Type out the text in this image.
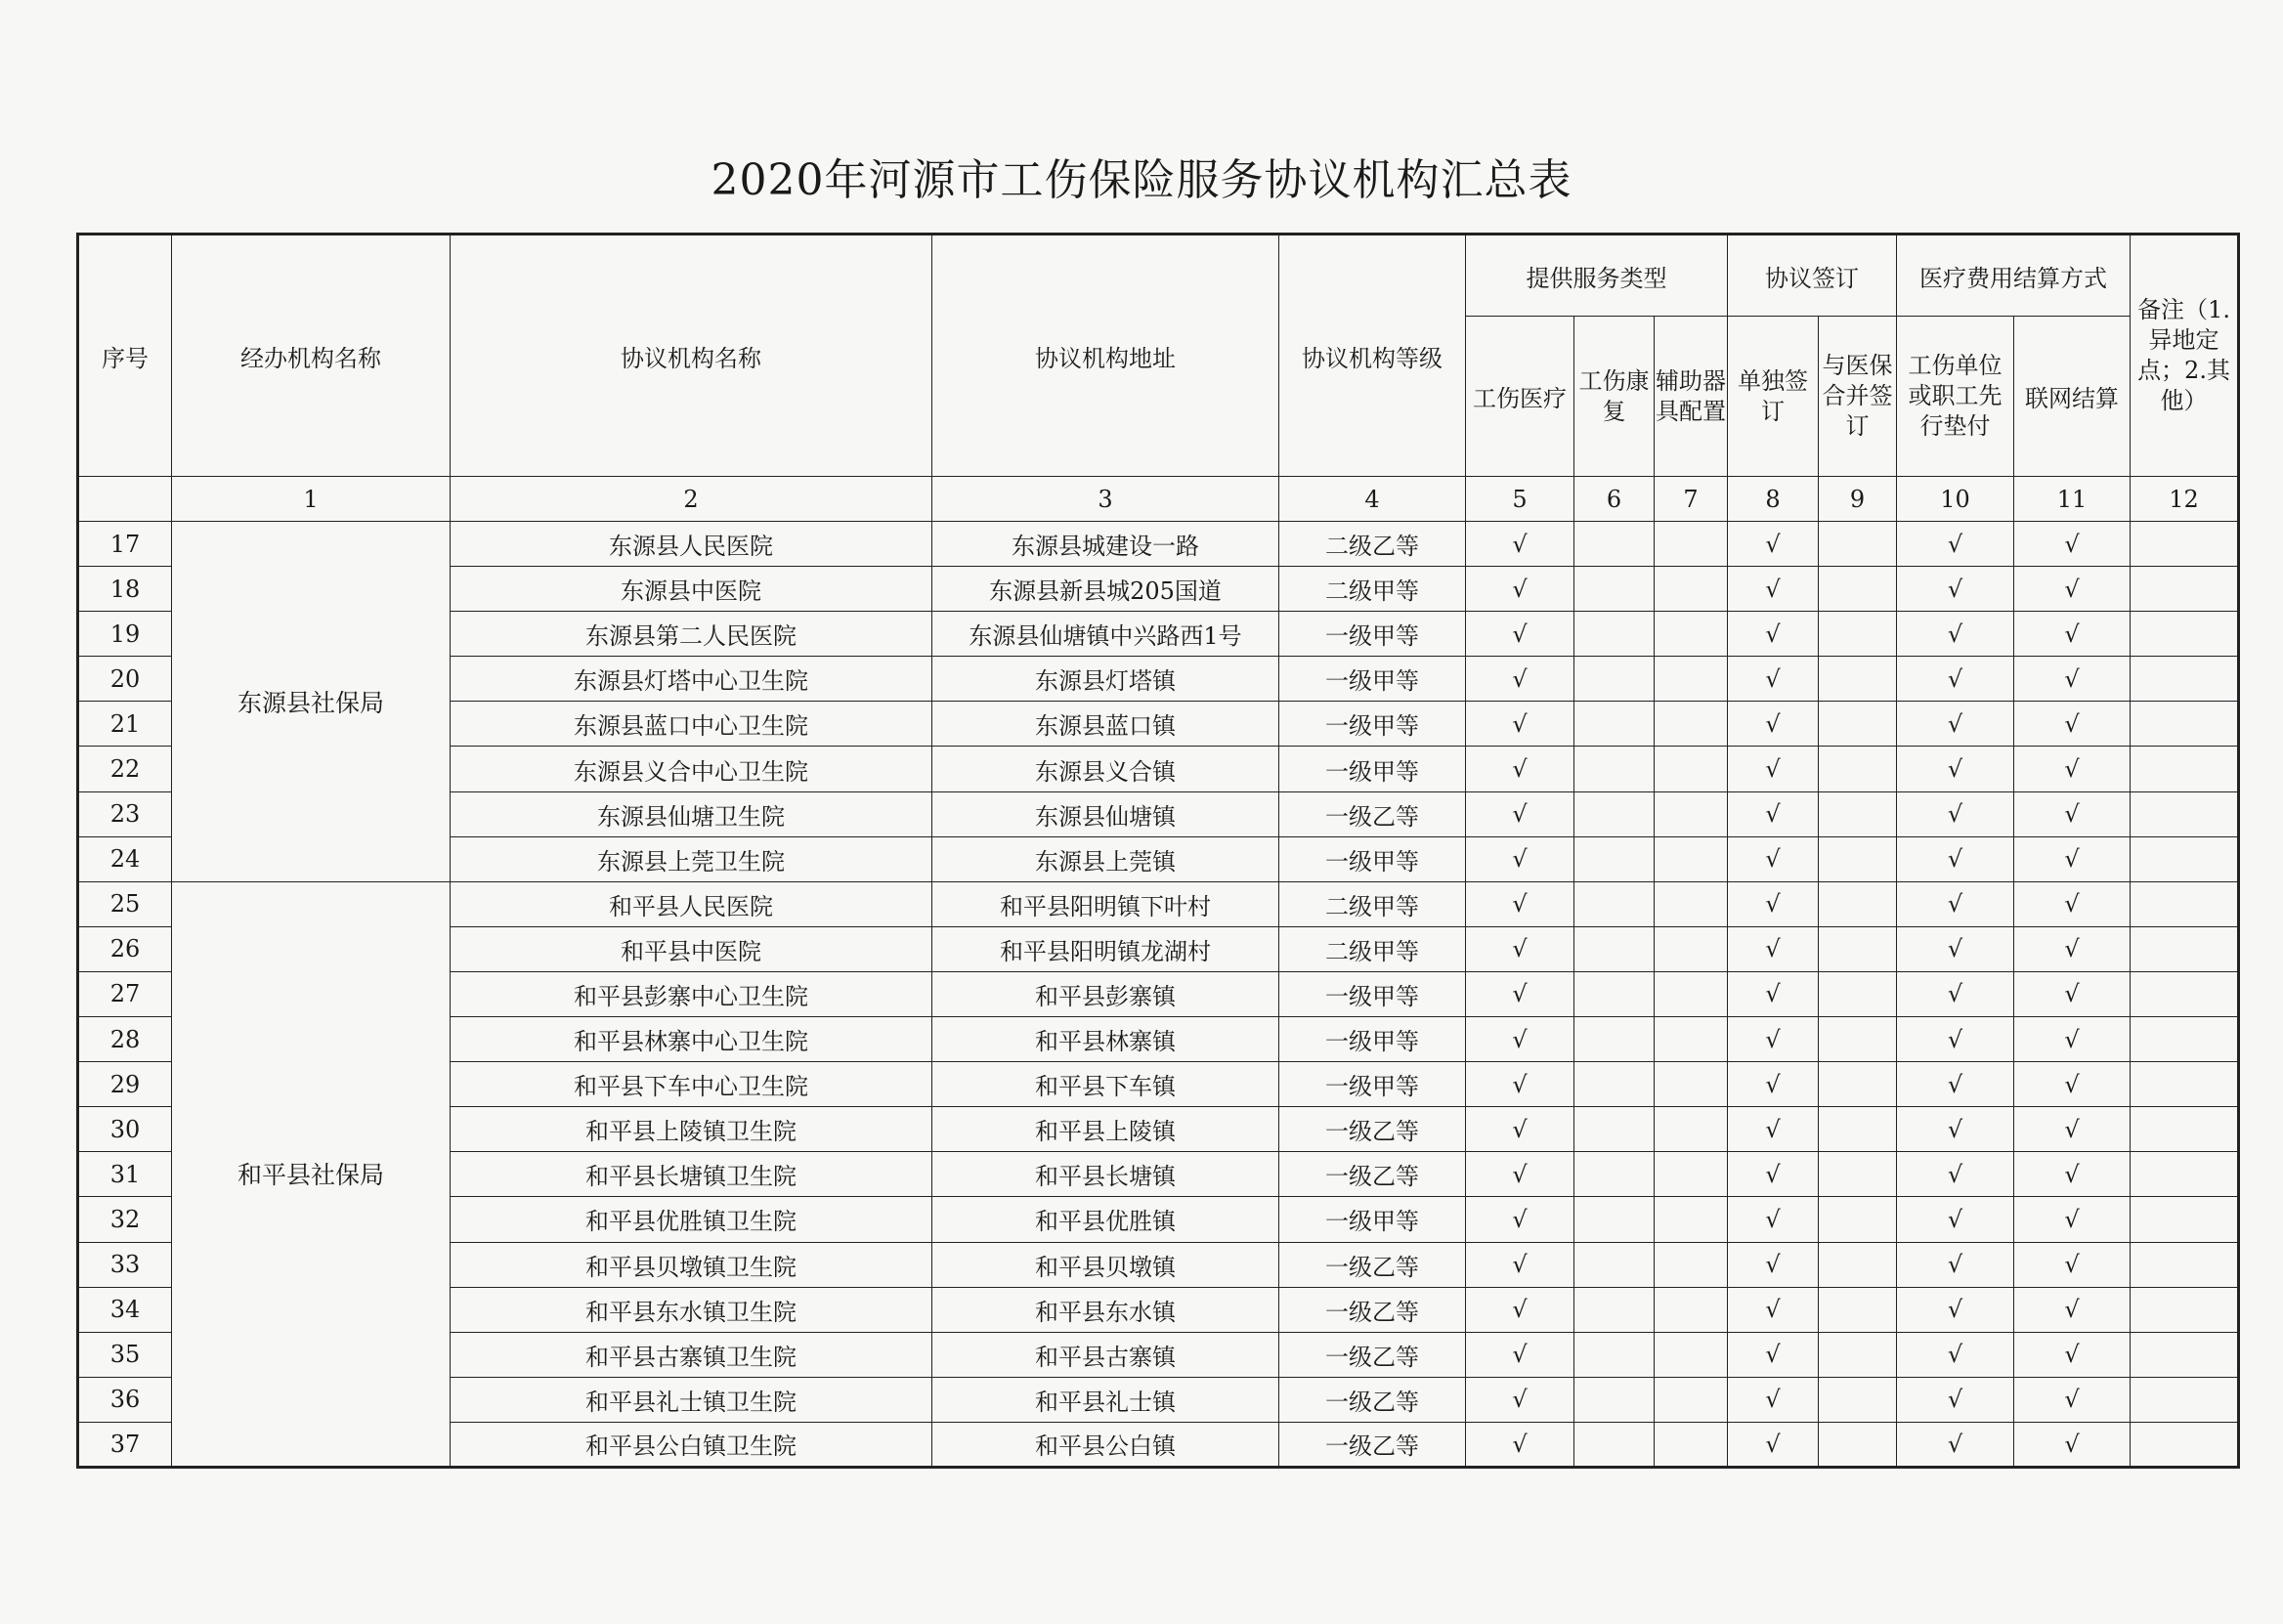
2020年河源市工伤保险服务协议机构汇总表
序号	经办机构名称	协议机构名称	协议机构地址	协议机构等级	提供服务类型			协议签订		医疗费用结算方式		备注（1.异地定点；2.其他）
					工伤医疗	工伤康复	辅助器具配置	单独签订	与医保合并签订	工伤单位或职工先行垫付	联网结算	
	1	2	3	4	5	6	7	8	9	10	11	12
17	东源县社保局	东源县人民医院	东源县城建设一路	二级乙等	√			√		√	√	
18		东源县中医院	东源县新县城205国道	二级甲等	√			√		√	√	
19		东源县第二人民医院	东源县仙塘镇中兴路西1号	一级甲等	√			√		√	√	
20		东源县灯塔中心卫生院	东源县灯塔镇	一级甲等	√			√		√	√	
21		东源县蓝口中心卫生院	东源县蓝口镇	一级甲等	√			√		√	√	
22		东源县义合中心卫生院	东源县义合镇	一级甲等	√			√		√	√	
23		东源县仙塘卫生院	东源县仙塘镇	一级乙等	√			√		√	√	
24		东源县上莞卫生院	东源县上莞镇	一级甲等	√			√		√	√	
25	和平县社保局	和平县人民医院	和平县阳明镇下叶村	二级甲等	√			√		√	√	
26		和平县中医院	和平县阳明镇龙湖村	二级甲等	√			√		√	√	
27		和平县彭寨中心卫生院	和平县彭寨镇	一级甲等	√			√		√	√	
28		和平县林寨中心卫生院	和平县林寨镇	一级甲等	√			√		√	√	
29		和平县下车中心卫生院	和平县下车镇	一级甲等	√			√		√	√	
30		和平县上陵镇卫生院	和平县上陵镇	一级乙等	√			√		√	√	
31		和平县长塘镇卫生院	和平县长塘镇	一级乙等	√			√		√	√	
32		和平县优胜镇卫生院	和平县优胜镇	一级甲等	√			√		√	√	
33		和平县贝墩镇卫生院	和平县贝墩镇	一级乙等	√			√		√	√	
34		和平县东水镇卫生院	和平县东水镇	一级乙等	√			√		√	√	
35		和平县古寨镇卫生院	和平县古寨镇	一级乙等	√			√		√	√	
36		和平县礼士镇卫生院	和平县礼士镇	一级乙等	√			√		√	√	
37		和平县公白镇卫生院	和平县公白镇	一级乙等	√			√		√	√	
